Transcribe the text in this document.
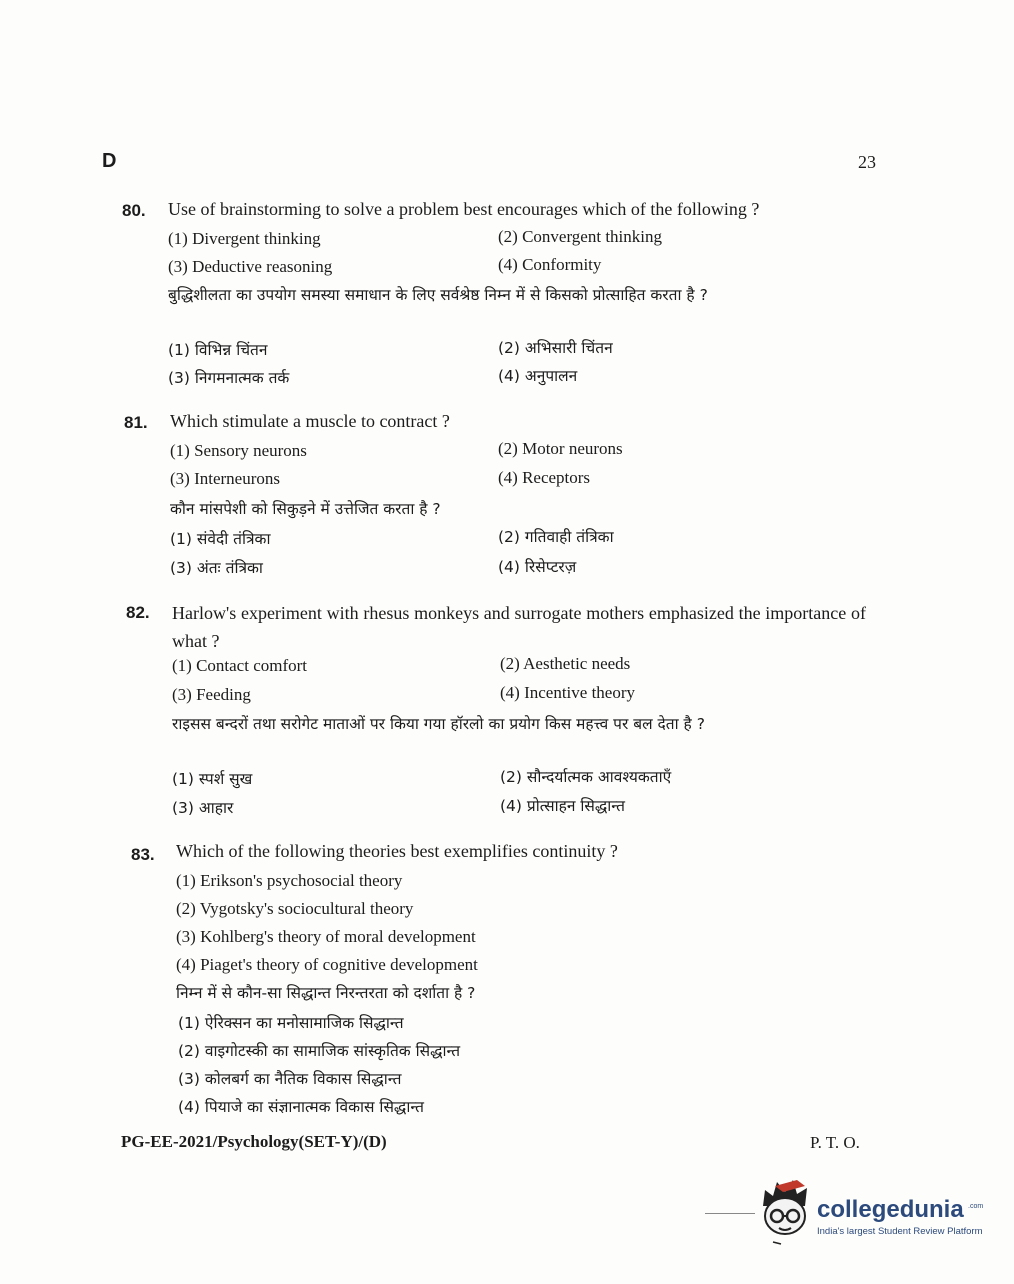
D	23
80. Use of brainstorming to solve a problem best encourages which of the following ?
(1) Divergent thinking	(2) Convergent thinking
(3) Deductive reasoning	(4) Conformity
बुद्धिशीलता का उपयोग समस्या समाधान के लिए सर्वश्रेष्ठ निम्न में से किसको प्रोत्साहित करता है ?
(1) विभिन्न चिंतन	(2) अभिसारी चिंतन
(3) निगमनात्मक तर्क	(4) अनुपालन
81. Which stimulate a muscle to contract ?
(1) Sensory neurons	(2) Motor neurons
(3) Interneurons	(4) Receptors
कौन मांसपेशी को सिकुड़ने में उत्तेजित करता है ?
(1) संवेदी तंत्रिका	(2) गतिवाही तंत्रिका
(3) अंतः तंत्रिका	(4) रिसेप्टरज़
82. Harlow's experiment with rhesus monkeys and surrogate mothers emphasized the importance of what ?
(1) Contact comfort	(2) Aesthetic needs
(3) Feeding	(4) Incentive theory
राइसस बन्दरों तथा सरोगेट माताओं पर किया गया हॉरलो का प्रयोग किस महत्त्व पर बल देता है ?
(1) स्पर्श सुख	(2) सौन्दर्यात्मक आवश्यकताएँ
(3) आहार	(4) प्रोत्साहन सिद्धान्त
83. Which of the following theories best exemplifies continuity ?
(1) Erikson's psychosocial theory
(2) Vygotsky's sociocultural theory
(3) Kohlberg's theory of moral development
(4) Piaget's theory of cognitive development
निम्न में से कौन-सा सिद्धान्त निरन्तरता को दर्शाता है ?
(1) ऐरिक्सन का मनोसामाजिक सिद्धान्त
(2) वाइगोटस्की का सामाजिक सांस्कृतिक सिद्धान्त
(3) कोलबर्ग का नैतिक विकास सिद्धान्त
(4) पियाजे का संज्ञानात्मक विकास सिद्धान्त
PG-EE-2021/Psychology(SET-Y)/(D)	P. T. O.
collegedunia .com
India's largest Student Review Platform
